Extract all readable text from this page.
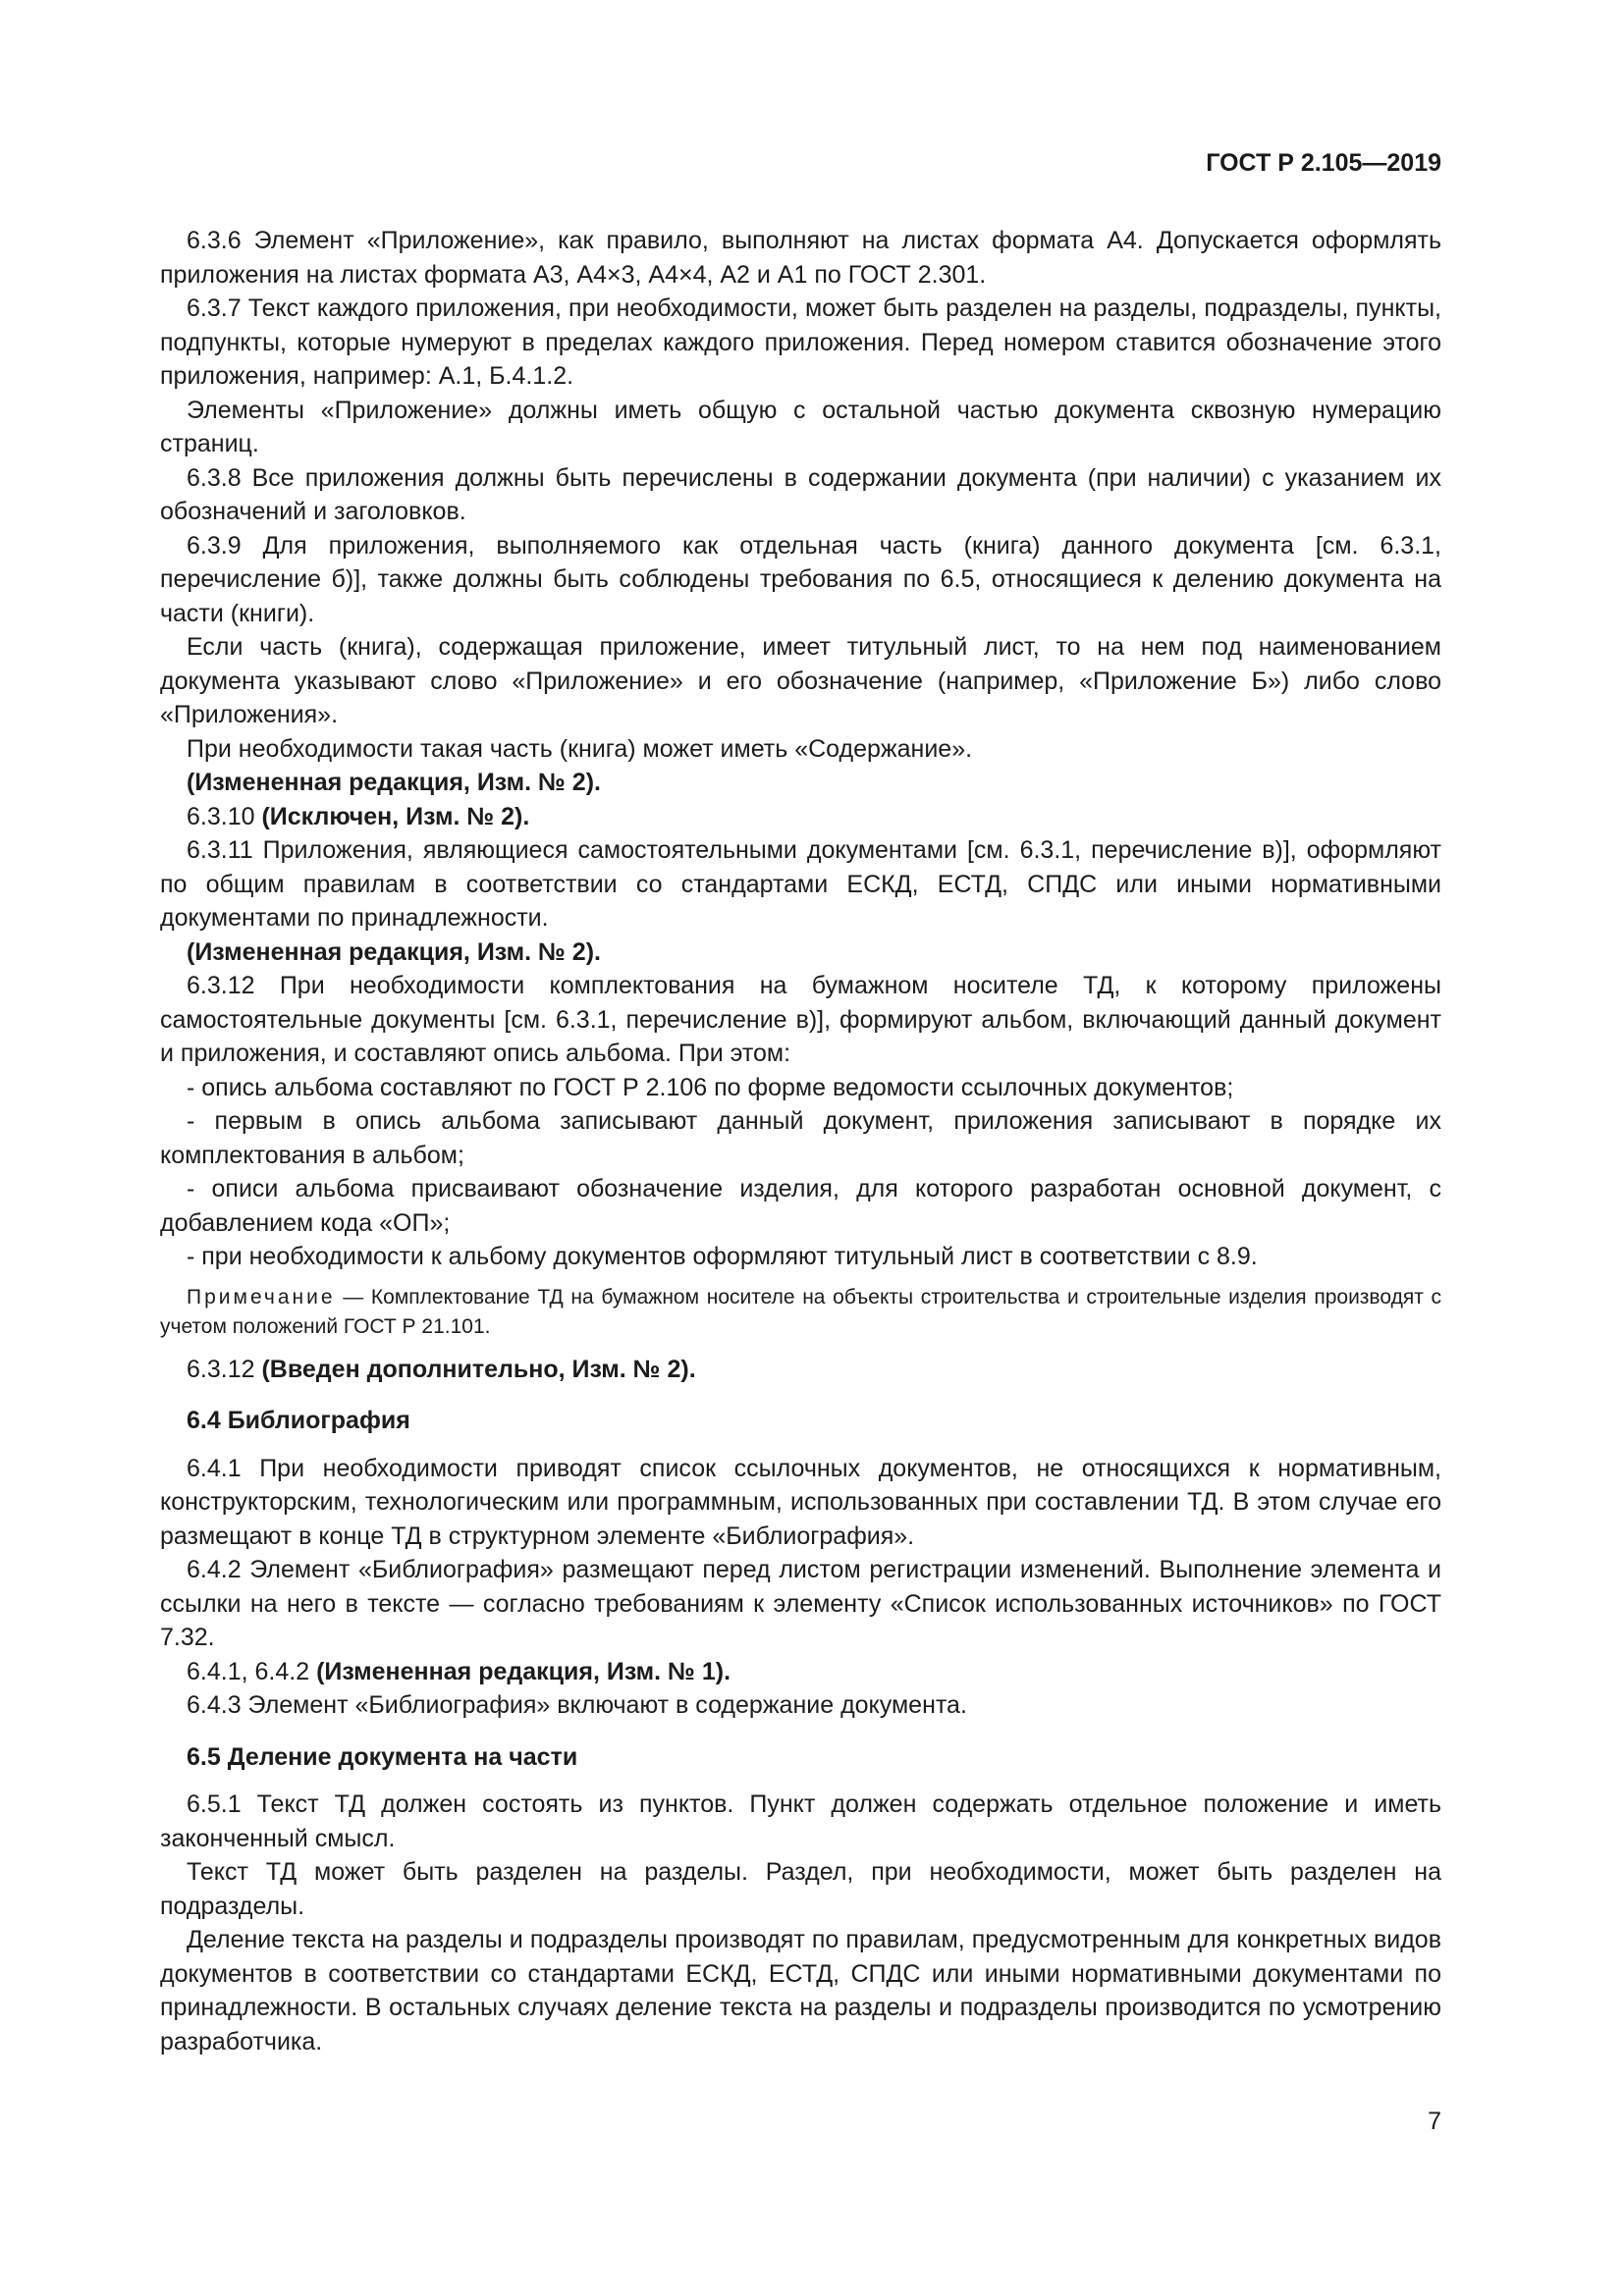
ГОСТ Р 2.105—2019

6.3.6 Элемент «Приложение», как правило, выполняют на листах формата А4. Допускается оформлять приложения на листах формата А3, А4×3, А4×4, А2 и А1 по ГОСТ 2.301.

6.3.7 Текст каждого приложения, при необходимости, может быть разделен на разделы, подразделы, пункты, подпункты, которые нумеруют в пределах каждого приложения. Перед номером ставится обозначение этого приложения, например: А.1, Б.4.1.2.

Элементы «Приложение» должны иметь общую с остальной частью документа сквозную нумерацию страниц.

6.3.8 Все приложения должны быть перечислены в содержании документа (при наличии) с указанием их обозначений и заголовков.

6.3.9 Для приложения, выполняемого как отдельная часть (книга) данного документа [см. 6.3.1, перечисление б)], также должны быть соблюдены требования по 6.5, относящиеся к делению документа на части (книги).

Если часть (книга), содержащая приложение, имеет титульный лист, то на нем под наименованием документа указывают слово «Приложение» и его обозначение (например, «Приложение Б») либо слово «Приложения».

При необходимости такая часть (книга) может иметь «Содержание».

(Измененная редакция, Изм. № 2).

6.3.10 (Исключен, Изм. № 2).

6.3.11 Приложения, являющиеся самостоятельными документами [см. 6.3.1, перечисление в)], оформляют по общим правилам в соответствии со стандартами ЕСКД, ЕСТД, СПДС или иными нормативными документами по принадлежности.

(Измененная редакция, Изм. № 2).

6.3.12 При необходимости комплектования на бумажном носителе ТД, к которому приложены самостоятельные документы [см. 6.3.1, перечисление в)], формируют альбом, включающий данный документ и приложения, и составляют опись альбома. При этом:

- опись альбома составляют по ГОСТ Р 2.106 по форме ведомости ссылочных документов;

- первым в опись альбома записывают данный документ, приложения записывают в порядке их комплектования в альбом;

- описи альбома присваивают обозначение изделия, для которого разработан основной документ, с добавлением кода «ОП»;

- при необходимости к альбому документов оформляют титульный лист в соответствии с 8.9.

Примечание — Комплектование ТД на бумажном носителе на объекты строительства и строительные изделия производят с учетом положений ГОСТ Р 21.101.

6.3.12 (Введен дополнительно, Изм. № 2).

6.4 Библиография

6.4.1 При необходимости приводят список ссылочных документов, не относящихся к нормативным, конструкторским, технологическим или программным, использованных при составлении ТД. В этом случае его размещают в конце ТД в структурном элементе «Библиография».

6.4.2 Элемент «Библиография» размещают перед листом регистрации изменений. Выполнение элемента и ссылки на него в тексте — согласно требованиям к элементу «Список использованных источников» по ГОСТ 7.32.

6.4.1, 6.4.2 (Измененная редакция, Изм. № 1).

6.4.3 Элемент «Библиография» включают в содержание документа.

6.5 Деление документа на части

6.5.1 Текст ТД должен состоять из пунктов. Пункт должен содержать отдельное положение и иметь законченный смысл.

Текст ТД может быть разделен на разделы. Раздел, при необходимости, может быть разделен на подразделы.

Деление текста на разделы и подразделы производят по правилам, предусмотренным для конкретных видов документов в соответствии со стандартами ЕСКД, ЕСТД, СПДС или иными нормативными документами по принадлежности. В остальных случаях деление текста на разделы и подразделы производится по усмотрению разработчика.

7
